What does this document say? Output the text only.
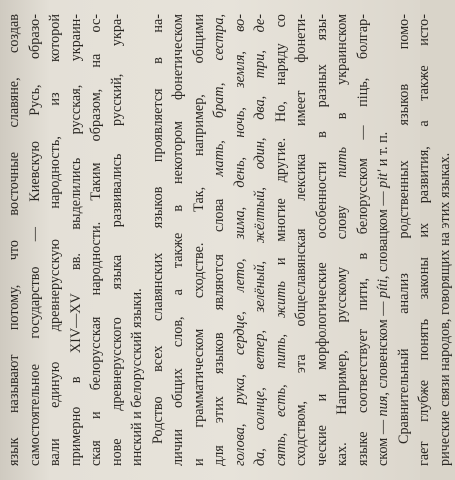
язык называют потому, что восточные славяне, создав самостоятельное государство — Киевскую Русь, образо- вали единую древнерусскую народность, из которой примерно в XIV—XV вв. выделились русская, украин- ская и белорусская народности. Таким образом, на ос- нове древнерусского языка развивались русский, укра- инский и белорусский языки. Родство всех славянских языков проявляется в на- личии общих слов, а также в некотором фонетическом и грамматическом сходстве. Так, например, общими для этих языков являются слова мать, брат, сестра, голова, рука, сердце, лето, зима, день, ночь, земля, во- да, солнце, ветер, зелёный, жёлтый, один, два, три, де- сять, есть, пить, жить и многие другие. Но, наряду со сходством, эта общеславянская лексика имеет фонети- ческие и морфологические особенности в разных язы- ках. Например, русскому слову пить в украинском языке соответствует пити, в белорусском — піць, болгар- ском — пия, словенском — píti, словацком — pit' и т. п. Сравнительный анализ родственных языков помо- гает глубже понять законы их развития, а также исто- рические связи народов, говорящих на этих языках.
